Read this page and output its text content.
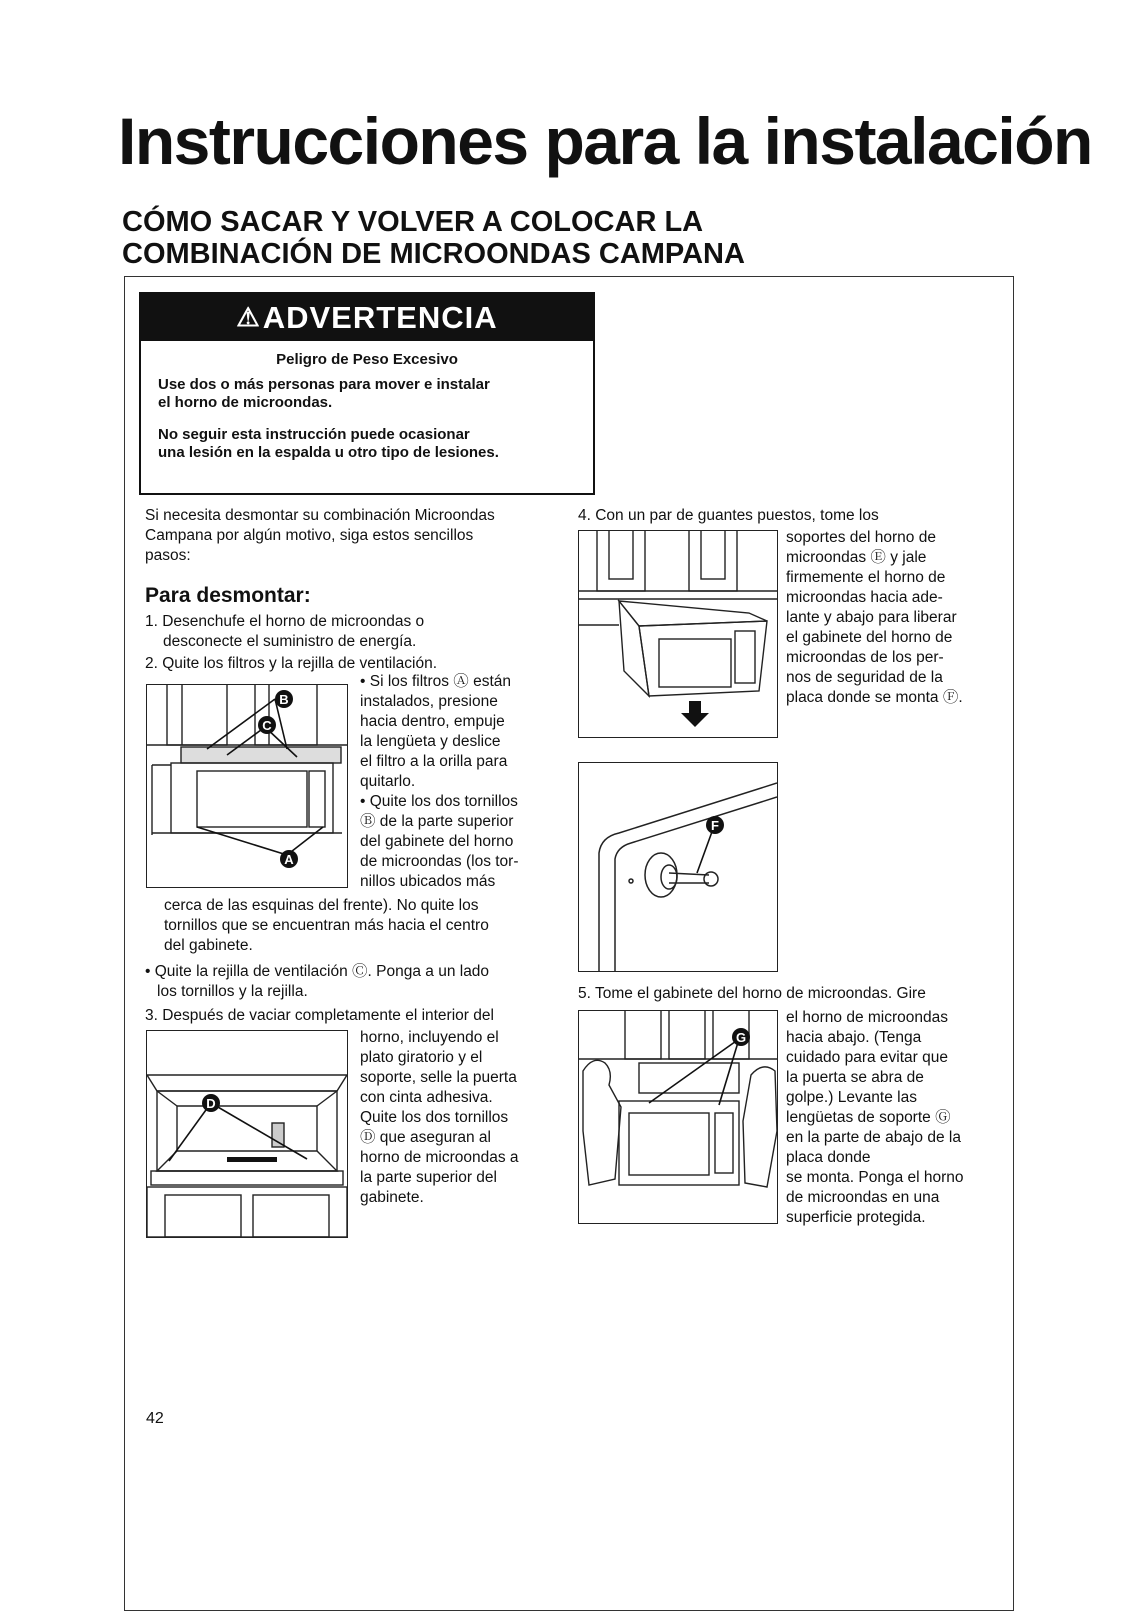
Instrucciones para la instalación
CÓMO SACAR Y VOLVER A COLOCAR LA
COMBINACIÓN DE MICROONDAS CAMPANA
⚠ADVERTENCIA
Peligro de Peso Excesivo
Use dos o más personas para mover e instalar
el horno de microondas.
No seguir esta instrucción puede ocasionar
una lesión en la espalda u otro tipo de lesiones.
Si necesita desmontar su combinación Microondas
Campana por algún motivo, siga estos sencillos
pasos:
Para desmontar:
1. Desenchufe el horno de microondas o
desconecte el suministro de energía.
2. Quite los filtros y la rejilla de ventilación.
B
C
A
• Si los filtros Ⓐ están
instalados, presione
hacia dentro, empuje
la lengüeta y deslice
el filtro a la orilla para
quitarlo.
• Quite los dos tornillos
Ⓑ de la parte superior
del gabinete del horno
de microondas (los tor-
nillos ubicados más
cerca de las esquinas del frente). No quite los
tornillos que se encuentran más hacia el centro
del gabinete.
• Quite la rejilla de ventilación Ⓒ. Ponga a un lado
los tornillos y la rejilla.
3. Después de vaciar completamente el interior del
D
horno, incluyendo el
plato giratorio y el
soporte, selle la puerta
con cinta adhesiva.
Quite los dos tornillos
Ⓓ que aseguran al
horno de microondas a
la parte superior del
gabinete.
4. Con un par de guantes puestos, tome los
soportes del horno de
microondas Ⓔ y jale
firmemente el horno de
microondas hacia ade-
lante y abajo para liberar
el gabinete del horno de
microondas de los per-
nos de seguridad de la
placa donde se monta Ⓕ.
F
5. Tome el gabinete del horno de microondas. Gire
G
el horno de microondas
hacia abajo. (Tenga
cuidado para evitar que
la puerta se abra de
golpe.) Levante las
lengüetas de soporte Ⓖ
en la parte de abajo de la
placa donde
se monta. Ponga el horno
de microondas en una
superficie protegida.
42
